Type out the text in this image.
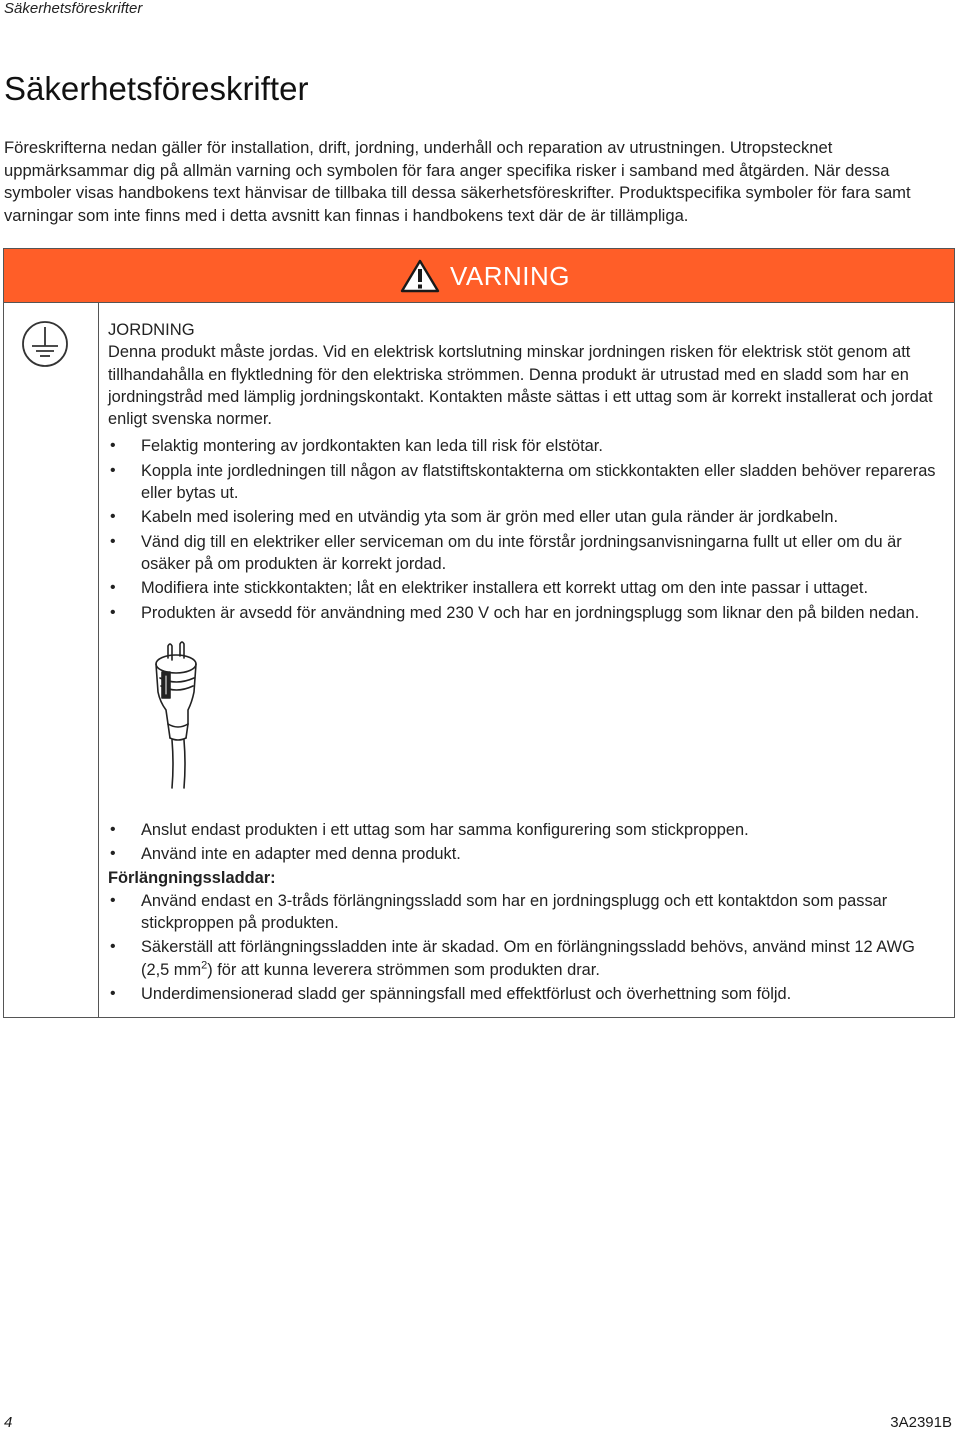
Säkerhetsföreskrifter
Säkerhetsföreskrifter

Föreskrifterna nedan gäller för installation, drift, jordning, underhåll och reparation av utrustningen. Utropstecknet uppmärksammar dig på allmän varning och symbolen för fara anger specifika risker i samband med åtgärden. När dessa symboler visas handbokens text hänvisar de tillbaka till dessa säkerhetsföreskrifter. Produktspecifika symboler för fara samt varningar som inte finns med i detta avsnitt kan finnas i handbokens text där de är tillämpliga.

VARNING

JORDNING

Denna produkt måste jordas. Vid en elektrisk kortslutning minskar jordningen risken för elektrisk stöt genom att tillhandahålla en flyktledning för den elektriska strömmen. Denna produkt är utrustad med en sladd som har en jordningstråd med lämplig jordningskontakt. Kontakten måste sättas i ett uttag som är korrekt installerat och jordat enligt svenska normer.

• Felaktig montering av jordkontakten kan leda till risk för elstötar.
• Koppla inte jordledningen till någon av flatstiftskontakterna om stickkontakten eller sladden behöver repareras eller bytas ut.
• Kabeln med isolering med en utvändig yta som är grön med eller utan gula ränder är jordkabeln.
• Vänd dig till en elektriker eller serviceman om du inte förstår jordningsanvisningarna fullt ut eller om du är osäker på om produkten är korrekt jordad.
• Modifiera inte stickkontakten; låt en elektriker installera ett korrekt uttag om den inte passar i uttaget.
• Produkten är avsedd för användning med 230 V och har en jordningsplugg som liknar den på bilden nedan.
• Anslut endast produkten i ett uttag som har samma konfigurering som stickproppen.
• Använd inte en adapter med denna produkt.

Förlängningssladdar:

• Använd endast en 3-tråds förlängningssladd som har en jordningsplugg och ett kontaktdon som passar stickproppen på produkten.
• Säkerställ att förlängningssladden inte är skadad. Om en förlängningssladd behövs, använd minst 12 AWG (2,5 $mm^2$) för att kunna leverera strömmen som produkten drar.
• Underdimensionerad sladd ger spänningsfall med effektförlust och överhettning som följd.
4	3A2391B
